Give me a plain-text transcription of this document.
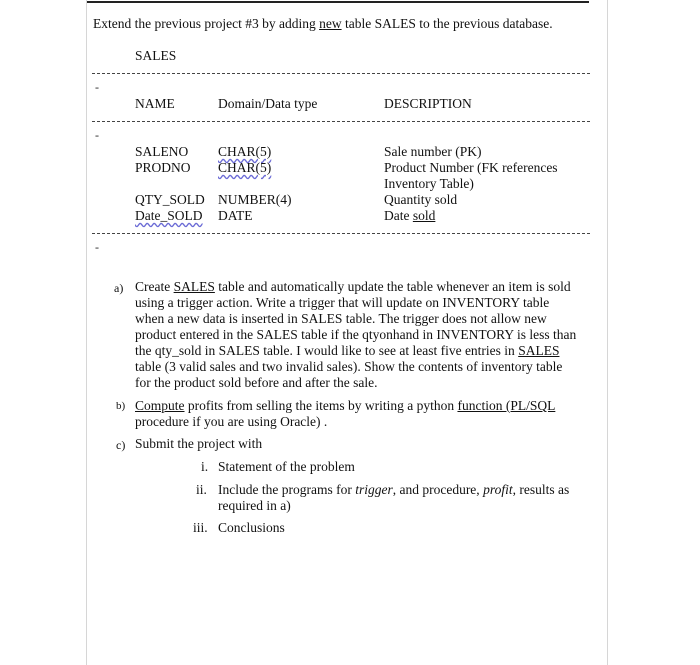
Extend the previous project #3 by adding new table SALES to the previous database.
SALES
-
NAME	Domain/Data type	DESCRIPTION
-
SALENO CHAR(5)	Sale number (PK)
PRODNO CHAR(5)	Product Number (FK references
Inventory Table)
QTY_SOLD NUMBER(4)	Quantity sold
Date_SOLD DATE	Date sold
-
a) Create SALES table and automatically update the table whenever an item is sold
using a trigger action. Write a trigger that will update on INVENTORY table
when a new data is inserted in SALES table. The trigger does not allow new
product entered in the SALES table if the qtyonhand in INVENTORY is less than
the qty_sold in SALES table. I would like to see at least five entries in SALES
table (3 valid sales and two invalid sales). Show the contents of inventory table
for the product sold before and after the sale.
b) Compute profits from selling the items by writing a python function (PL/SQL
procedure if you are using Oracle) .
c) Submit the project with
i. Statement of the problem
ii. Include the programs for trigger, and procedure, profit, results as
required in a)
iii. Conclusions
